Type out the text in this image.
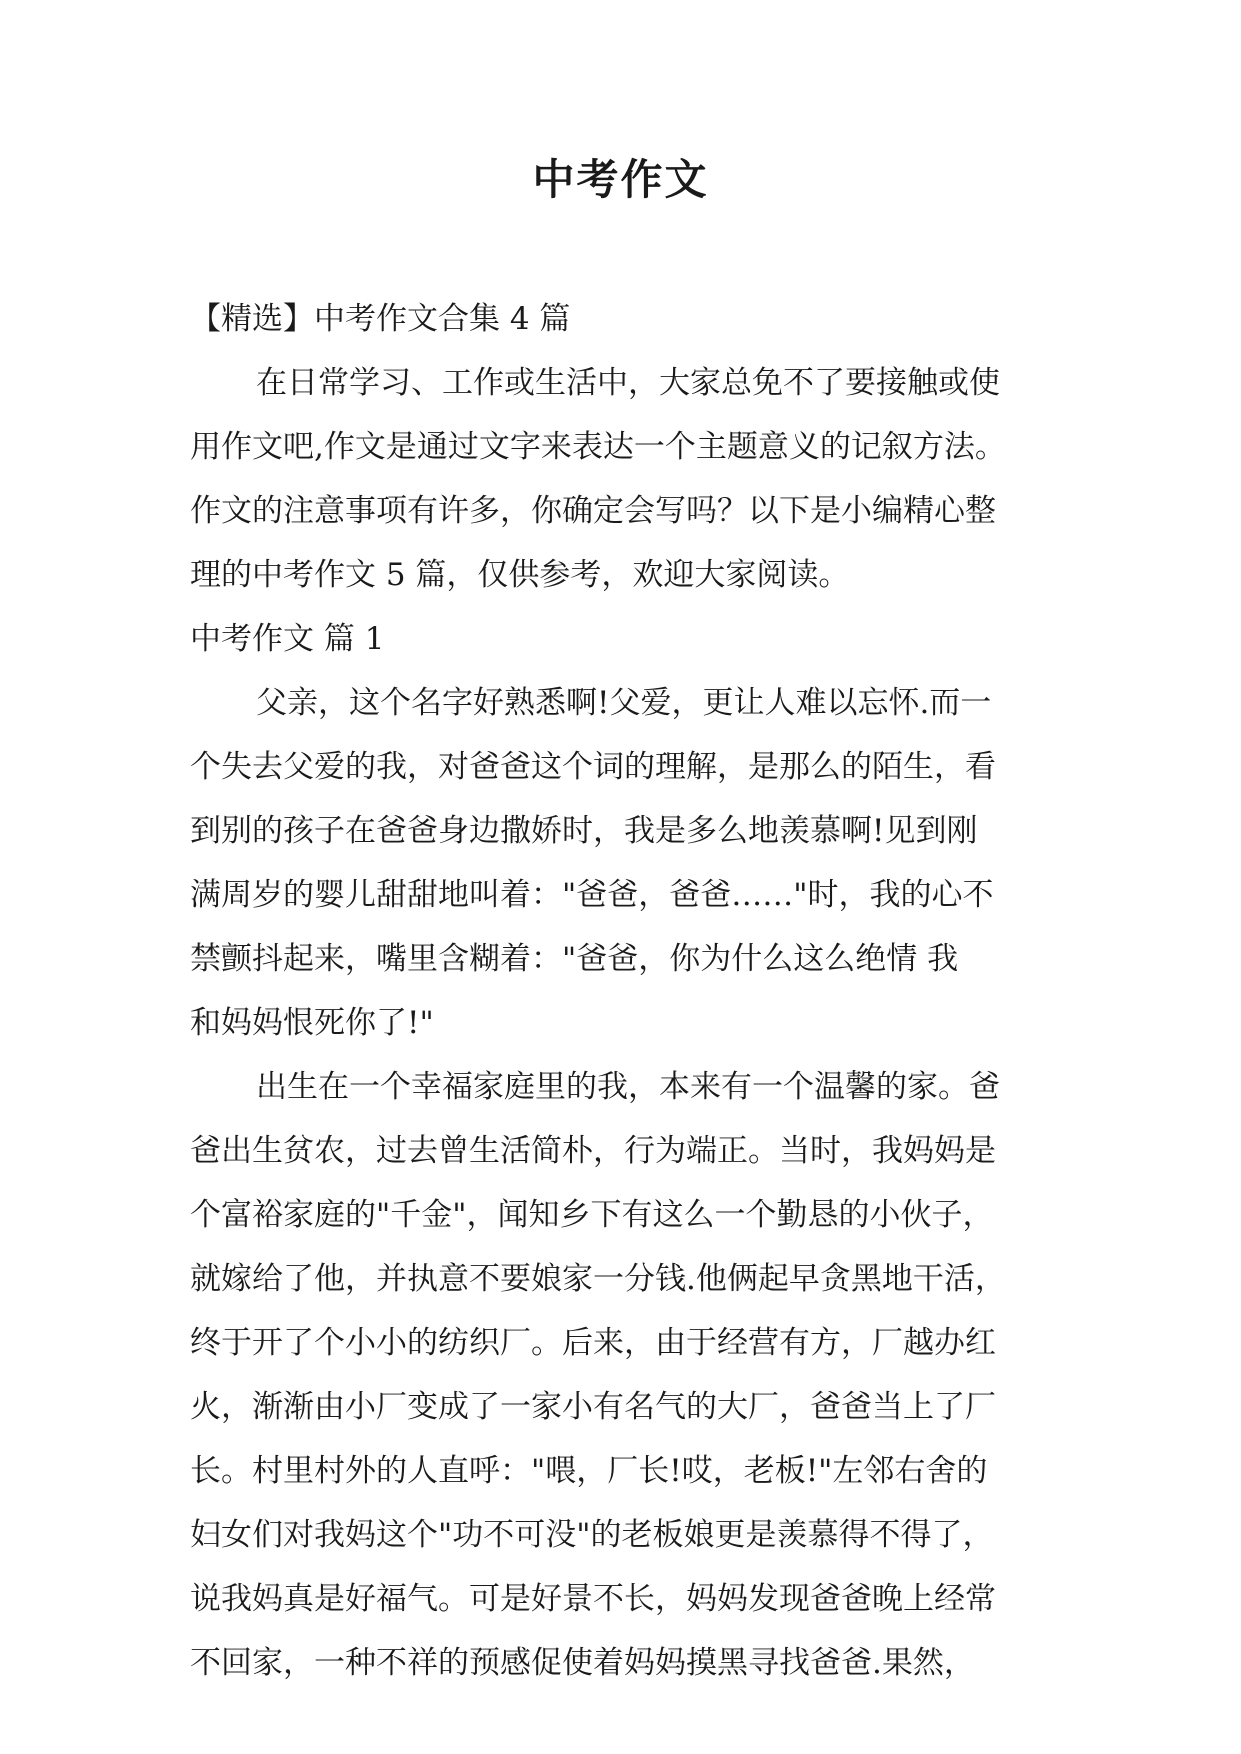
中考作文
【精选】中考作文合集 4 篇
在日常学习、工作或生活中，大家总免不了要接触或使
用作文吧,作文是通过文字来表达一个主题意义的记叙方法。
作文的注意事项有许多，你确定会写吗？以下是小编精心整
理的中考作文 5 篇，仅供参考，欢迎大家阅读。
中考作文 篇 1
父亲，这个名字好熟悉啊!父爱，更让人难以忘怀.而一
个失去父爱的我，对爸爸这个词的理解，是那么的陌生，看
到别的孩子在爸爸身边撒娇时，我是多么地羡慕啊!见到刚
满周岁的婴儿甜甜地叫着："爸爸，爸爸……"时，我的心不
禁颤抖起来，嘴里含糊着："爸爸，你为什么这么绝情 我
和妈妈恨死你了!"
出生在一个幸福家庭里的我，本来有一个温馨的家。爸
爸出生贫农，过去曾生活简朴，行为端正。当时，我妈妈是
个富裕家庭的"千金"，闻知乡下有这么一个勤恳的小伙子，
就嫁给了他，并执意不要娘家一分钱.他俩起早贪黑地干活，
终于开了个小小的纺织厂。后来，由于经营有方，厂越办红
火，渐渐由小厂变成了一家小有名气的大厂，爸爸当上了厂
长。村里村外的人直呼："喂，厂长!哎，老板!"左邻右舍的
妇女们对我妈这个"功不可没"的老板娘更是羡慕得不得了，
说我妈真是好福气。可是好景不长，妈妈发现爸爸晚上经常
不回家，一种不祥的预感促使着妈妈摸黑寻找爸爸.果然，
